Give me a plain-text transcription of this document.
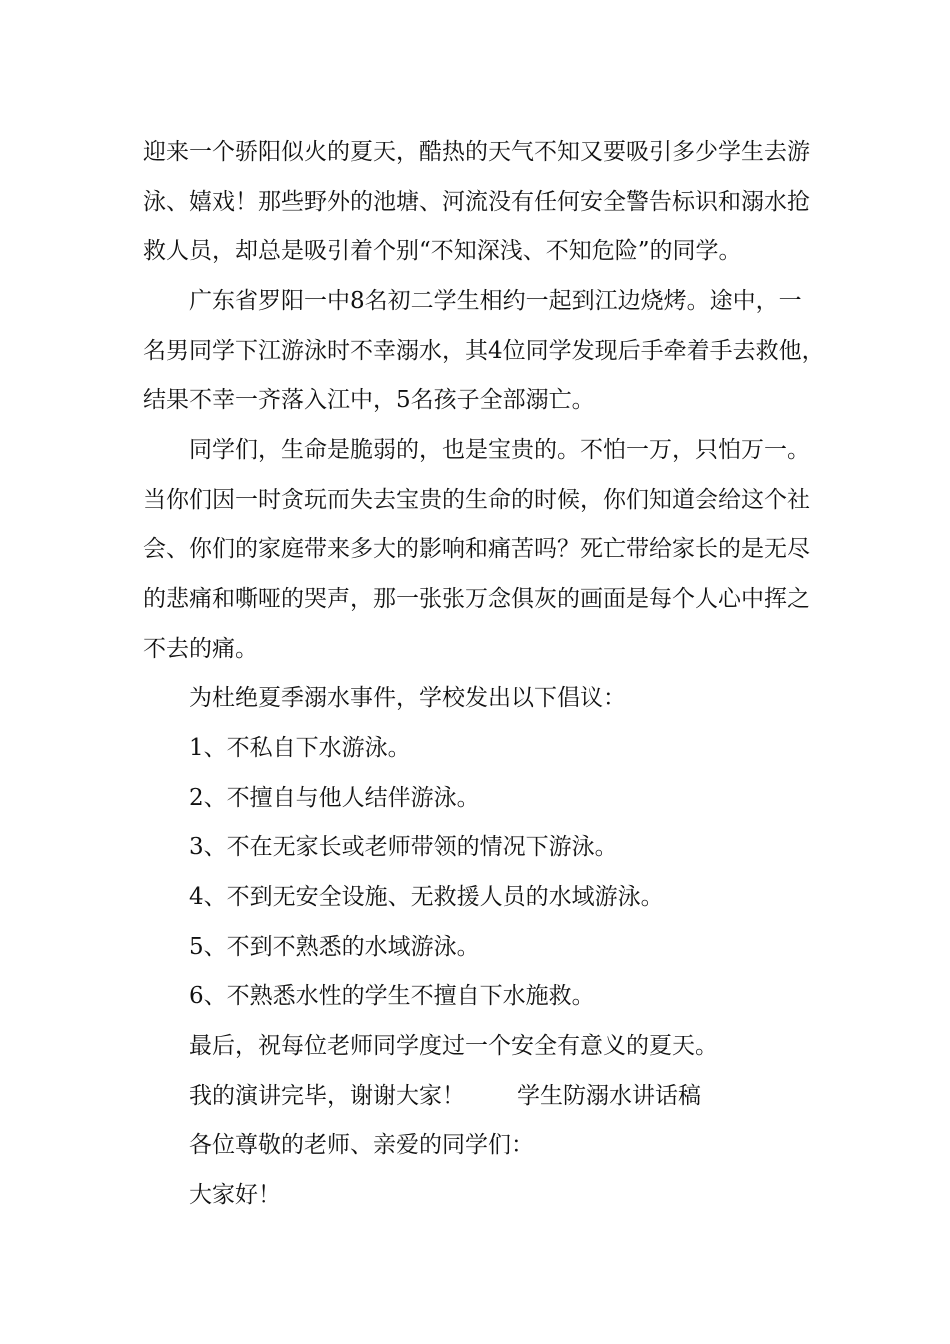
迎来一个骄阳似火的夏天，酷热的天气不知又要吸引多少学生去游
泳、嬉戏！那些野外的池塘、河流没有任何安全警告标识和溺水抢
救人员，却总是吸引着个别“不知深浅、不知危险”的同学。
广东省罗阳一中8名初二学生相约一起到江边烧烤。途中，一
名男同学下江游泳时不幸溺水，其4位同学发现后手牵着手去救他，
结果不幸一齐落入江中，5名孩子全部溺亡。
同学们，生命是脆弱的，也是宝贵的。不怕一万，只怕万一。
当你们因一时贪玩而失去宝贵的生命的时候，你们知道会给这个社
会、你们的家庭带来多大的影响和痛苦吗？死亡带给家长的是无尽
的悲痛和嘶哑的哭声，那一张张万念俱灰的画面是每个人心中挥之
不去的痛。
为杜绝夏季溺水事件，学校发出以下倡议：
1、不私自下水游泳。
2、不擅自与他人结伴游泳。
3、不在无家长或老师带领的情况下游泳。
4、不到无安全设施、无救援人员的水域游泳。
5、不到不熟悉的水域游泳。
6、不熟悉水性的学生不擅自下水施救。
最后，祝每位老师同学度过一个安全有意义的夏天。
我的演讲完毕，谢谢大家！ 学生防溺水讲话稿
各位尊敬的老师、亲爱的同学们：
大家好！
